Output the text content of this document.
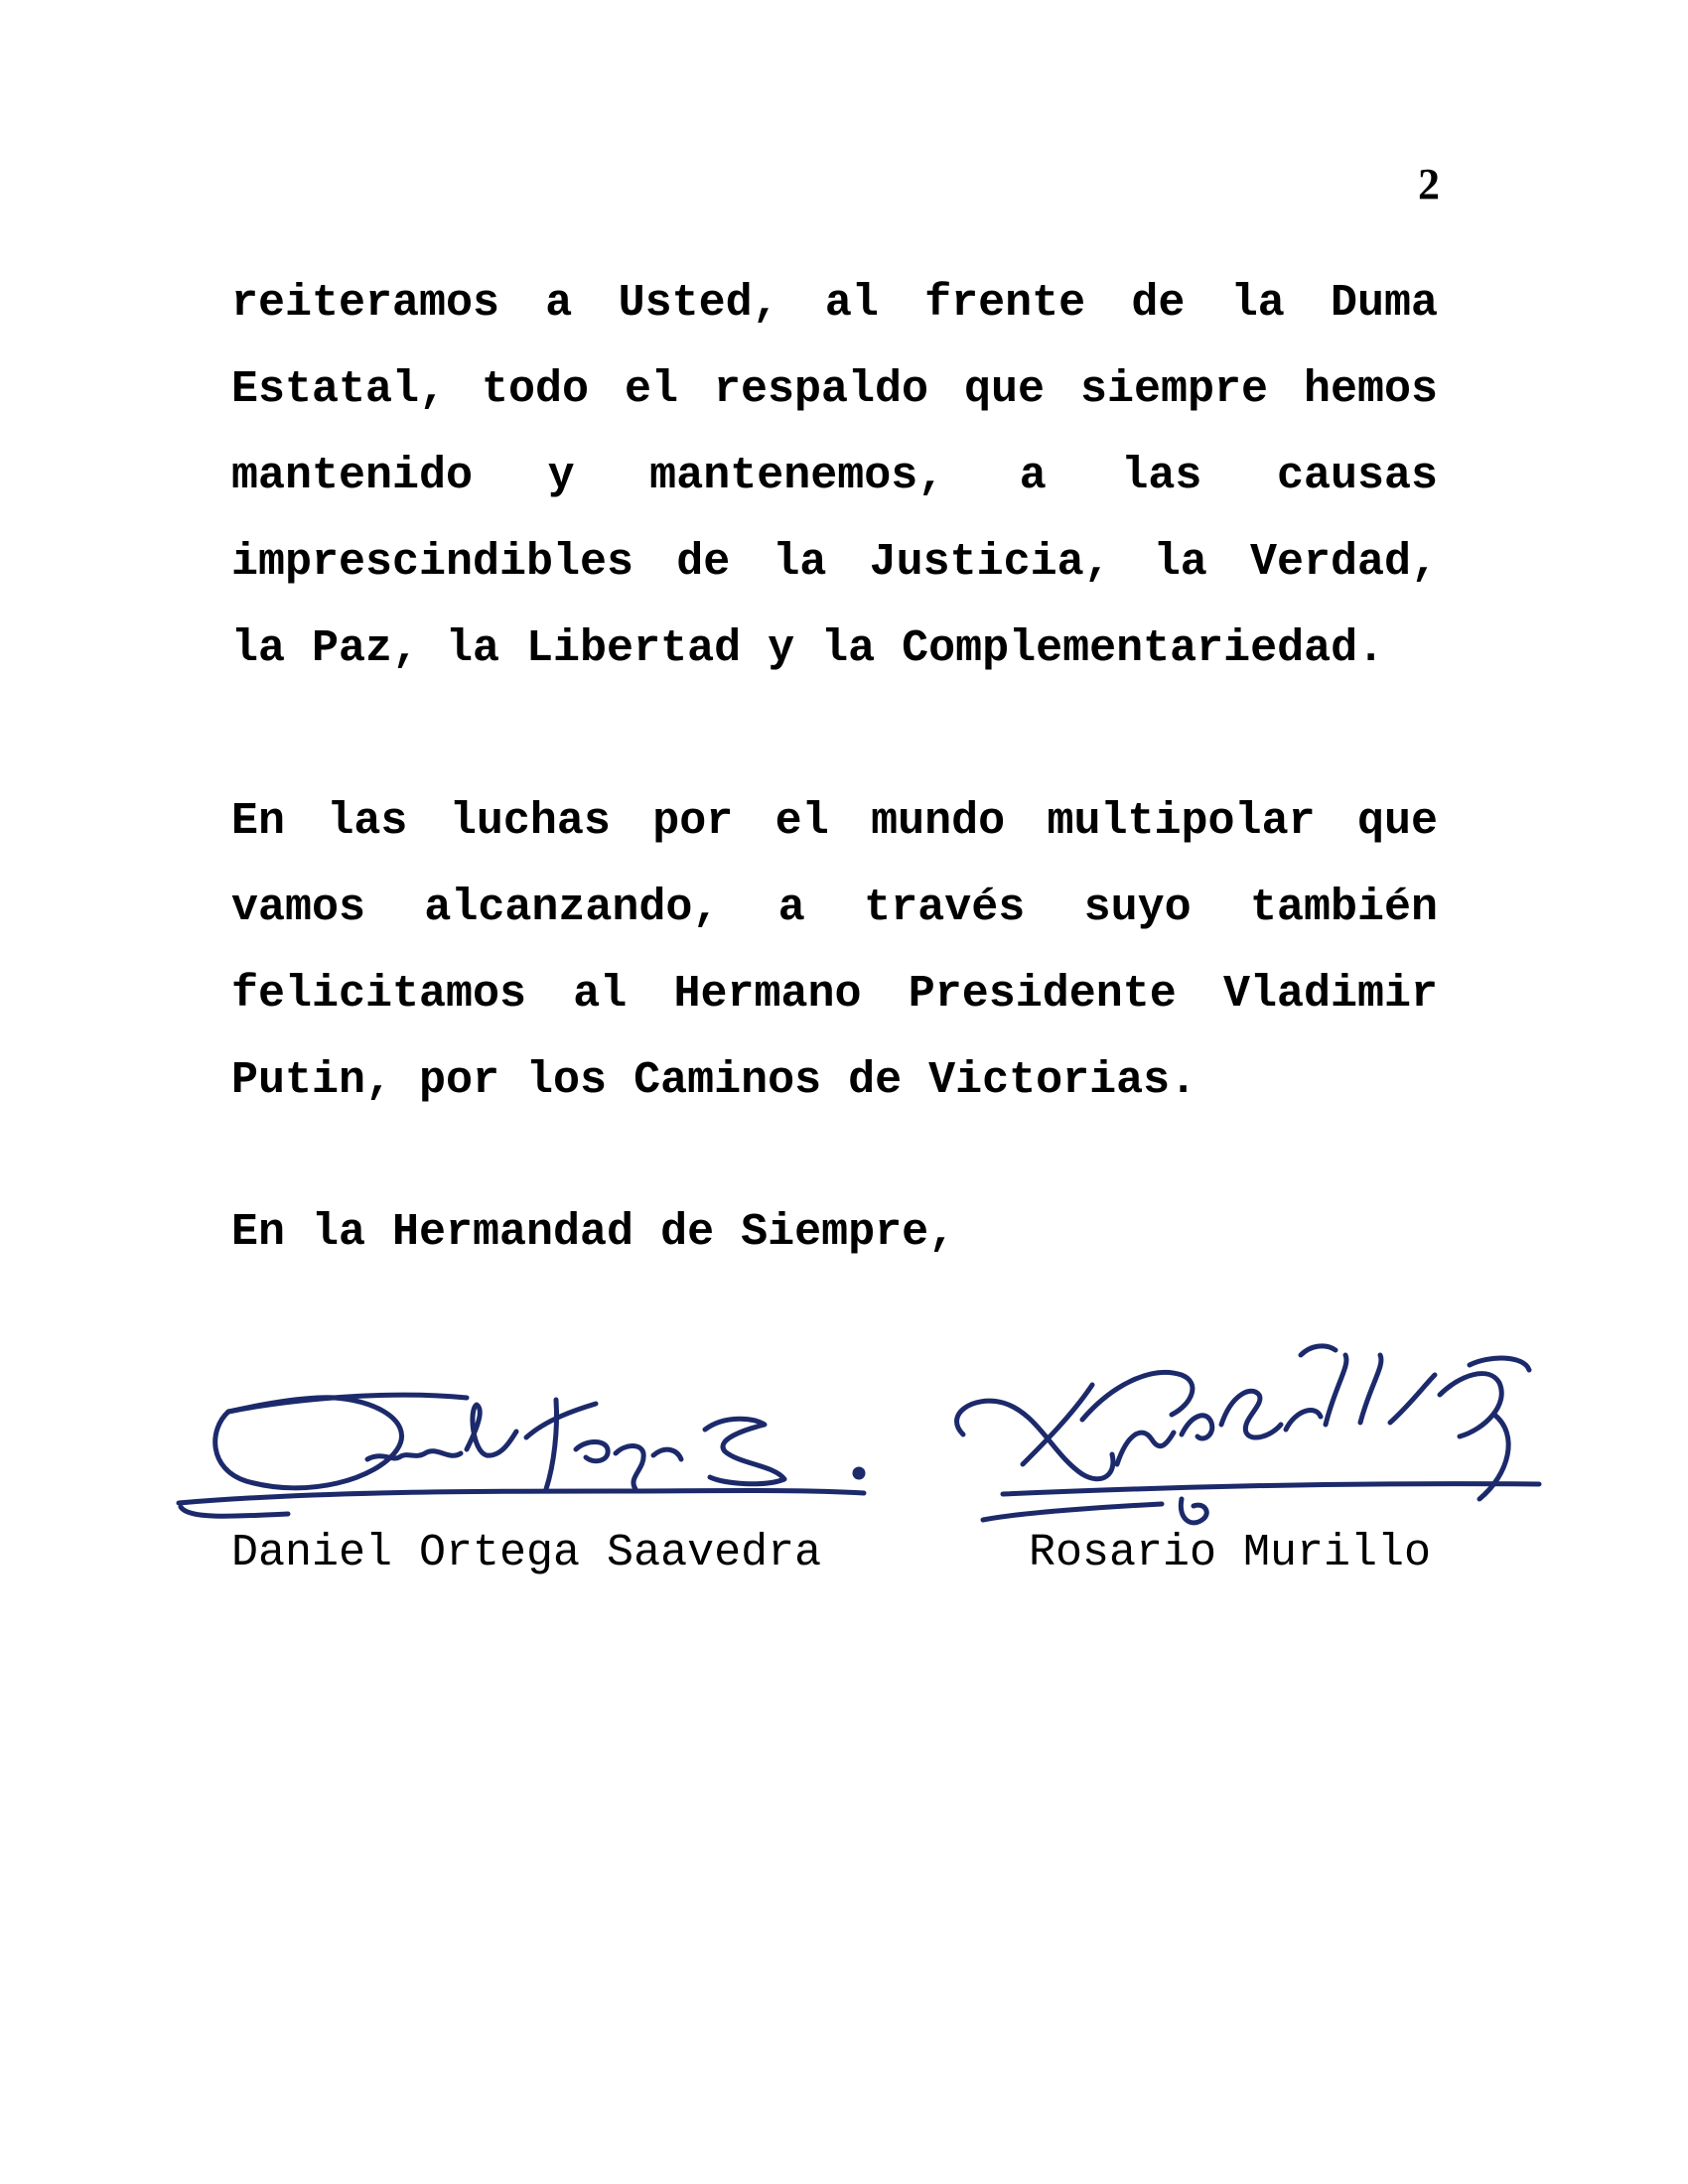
2
reiteramos a Usted, al frente de la Duma
Estatal, todo el respaldo que siempre hemos
mantenido y mantenemos, a las causas
imprescindibles de la Justicia, la Verdad,
la Paz, la Libertad y la Complementariedad.
En las luchas por el mundo multipolar que
vamos alcanzando, a través suyo también
felicitamos al Hermano Presidente Vladimir
Putin, por los Caminos de Victorias.
En la Hermandad de Siempre,
Daniel Ortega Saavedra	Rosario Murillo
